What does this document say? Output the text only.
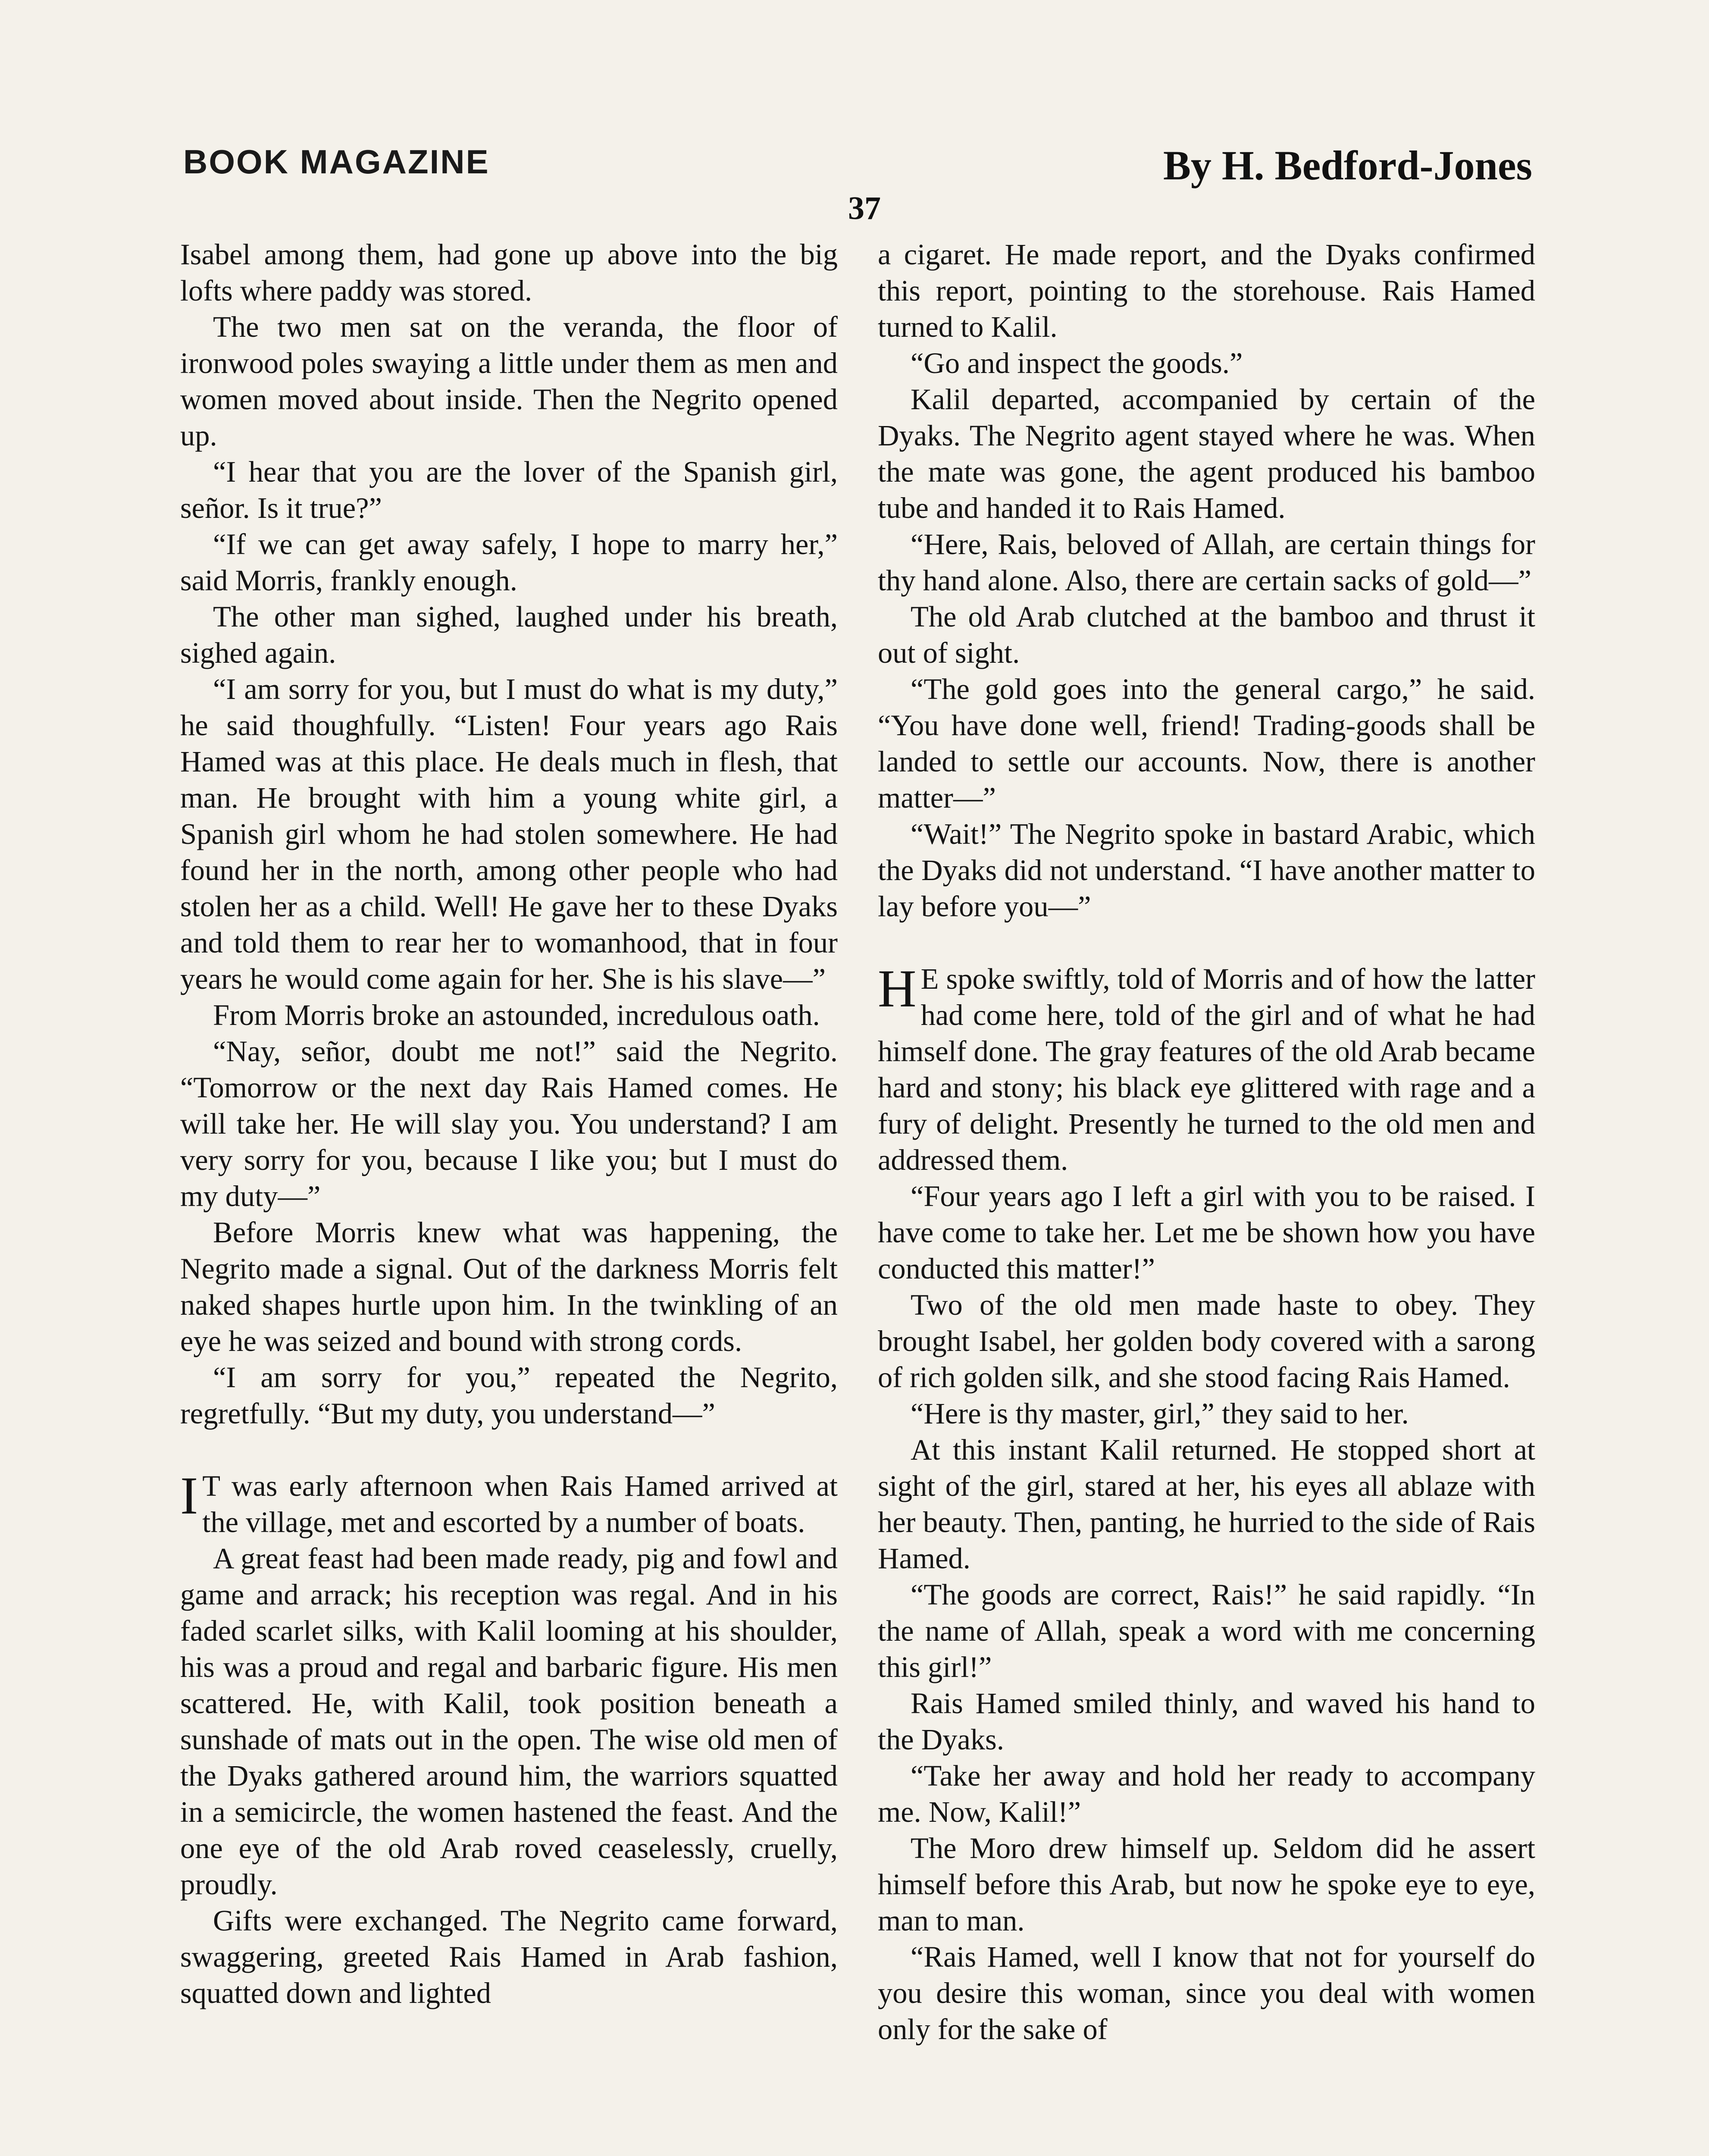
BOOK MAGAZINE	By H. Bedford-Jones
37

Isabel among them, had gone up above into the big lofts where paddy was stored.

The two men sat on the veranda, the floor of ironwood poles swaying a little under them as men and women moved about inside. Then the Negrito opened up.

“I hear that you are the lover of the Spanish girl, señor. Is it true?”

“If we can get away safely, I hope to marry her,” said Morris, frankly enough.

The other man sighed, laughed under his breath, sighed again.

“I am sorry for you, but I must do what is my duty,” he said thoughfully. “Listen! Four years ago Rais Hamed was at this place. He deals much in flesh, that man. He brought with him a young white girl, a Spanish girl whom he had stolen somewhere. He had found her in the north, among other people who had stolen her as a child. Well! He gave her to these Dyaks and told them to rear her to womanhood, that in four years he would come again for her. She is his slave—”

From Morris broke an astounded, incredulous oath.

“Nay, señor, doubt me not!” said the Negrito. “Tomorrow or the next day Rais Hamed comes. He will take her. He will slay you. You understand? I am very sorry for you, because I like you; but I must do my duty—”

Before Morris knew what was happening, the Negrito made a signal. Out of the darkness Morris felt naked shapes hurtle upon him. In the twinkling of an eye he was seized and bound with strong cords.

“I am sorry for you,” repeated the Negrito, regretfully. “But my duty, you understand—”

I T was early afternoon when Rais Hamed arrived at the village, met and escorted by a number of boats.

A great feast had been made ready, pig and fowl and game and arrack; his reception was regal. And in his faded scarlet silks, with Kalil looming at his shoulder, his was a proud and regal and barbaric figure. His men scattered. He, with Kalil, took position beneath a sunshade of mats out in the open. The wise old men of the Dyaks gathered around him, the warriors squatted in a semicircle, the women hastened the feast. And the one eye of the old Arab roved ceaselessly, cruelly, proudly.

Gifts were exchanged. The Negrito came forward, swaggering, greeted Rais Hamed in Arab fashion, squatted down and lighted

a cigaret. He made report, and the Dyaks confirmed this report, pointing to the storehouse. Rais Hamed turned to Kalil.

“Go and inspect the goods.”

Kalil departed, accompanied by certain of the Dyaks. The Negrito agent stayed where he was. When the mate was gone, the agent produced his bamboo tube and handed it to Rais Hamed.

“Here, Rais, beloved of Allah, are certain things for thy hand alone. Also, there are certain sacks of gold—”

The old Arab clutched at the bamboo and thrust it out of sight.

“The gold goes into the general cargo,” he said. “You have done well, friend! Trading-goods shall be landed to settle our accounts. Now, there is another matter—”

“Wait!” The Negrito spoke in bastard Arabic, which the Dyaks did not understand. “I have another matter to lay before you—”

H E spoke swiftly, told of Morris and of how the latter had come here, told of the girl and of what he had himself done. The gray features of the old Arab became hard and stony; his black eye glittered with rage and a fury of delight. Presently he turned to the old men and addressed them.

“Four years ago I left a girl with you to be raised. I have come to take her. Let me be shown how you have conducted this matter!”

Two of the old men made haste to obey. They brought Isabel, her golden body covered with a sarong of rich golden silk, and she stood facing Rais Hamed.

“Here is thy master, girl,” they said to her.

At this instant Kalil returned. He stopped short at sight of the girl, stared at her, his eyes all ablaze with her beauty. Then, panting, he hurried to the side of Rais Hamed.

“The goods are correct, Rais!” he said rapidly. “In the name of Allah, speak a word with me concerning this girl!”

Rais Hamed smiled thinly, and waved his hand to the Dyaks.

“Take her away and hold her ready to accompany me. Now, Kalil!”

The Moro drew himself up. Seldom did he assert himself before this Arab, but now he spoke eye to eye, man to man.

“Rais Hamed, well I know that not for yourself do you desire this woman, since you deal with women only for the sake of
